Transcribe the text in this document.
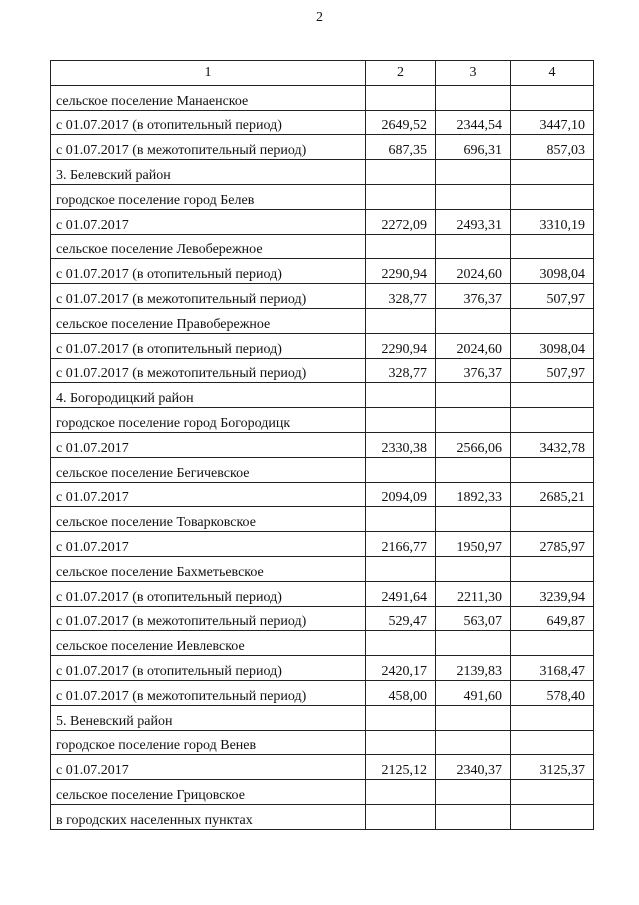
2
1	2	3	4
сельское поселение Манаенское			
с 01.07.2017 (в отопительный период)	2649,52	2344,54	3447,10
с 01.07.2017 (в межотопительный период)	687,35	696,31	857,03
3. Белевский район			
городское поселение город Белев			
с 01.07.2017	2272,09	2493,31	3310,19
сельское поселение Левобережное			
с 01.07.2017 (в отопительный период)	2290,94	2024,60	3098,04
с 01.07.2017 (в межотопительный период)	328,77	376,37	507,97
сельское поселение Правобережное			
с 01.07.2017 (в отопительный период)	2290,94	2024,60	3098,04
с 01.07.2017 (в межотопительный период)	328,77	376,37	507,97
4. Богородицкий район			
городское поселение город Богородицк			
с 01.07.2017	2330,38	2566,06	3432,78
сельское поселение Бегичевское			
с 01.07.2017	2094,09	1892,33	2685,21
сельское поселение Товарковское			
с 01.07.2017	2166,77	1950,97	2785,97
сельское поселение Бахметьевское			
с 01.07.2017 (в отопительный период)	2491,64	2211,30	3239,94
с 01.07.2017 (в межотопительный период)	529,47	563,07	649,87
сельское поселение Иевлевское			
с 01.07.2017 (в отопительный период)	2420,17	2139,83	3168,47
с 01.07.2017 (в межотопительный период)	458,00	491,60	578,40
5. Веневский район			
городское поселение город Венев			
с 01.07.2017	2125,12	2340,37	3125,37
сельское поселение Грицовское			
в городских населенных пунктах			
